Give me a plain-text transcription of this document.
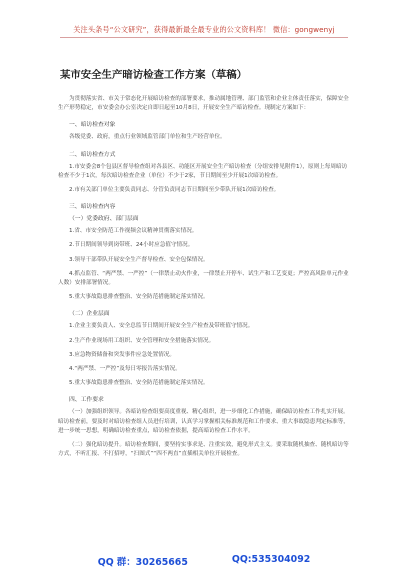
关注头条号“公文研究”，获得最新最全最专业的公文资料库！ 微信：gongwenyj
某市安全生产暗访检查工作方案（草稿）

为贯彻落实省、市关于常态化开展暗访检查的部署要求，推动属地管理、部门监管和企业主体责任落实，保障安全生产形势稳定，市安委会办公室决定自即日起至10月8日，开展安全生产暗访检查。现制定方案如下：

一、暗访检查对象

各级党委、政府，重点行业领域监管部门单位和生产经营单位。

二、暗访检查方式

1.市安委会8个包县区督导检查组对各县区、功能区开展安全生产暗访检查（分组安排见附件1），原则上每周暗访检查不少于1次，每次暗访检查企业（单位）不少于2家，节日期间至少开展1次暗访检查。

2.市有关部门单位主要负责同志、分管负责同志节日期间至少带队开展1次暗访检查。

三、暗访检查内容

（一）党委政府、部门层面

1.省、市安全防范工作视频会议精神贯彻落实情况。

2.节日期间领导到岗带班、24小时应急值守情况。

3.领导干部带队开展安全生产督导检查、安全包保情况。

4.抓点监管、“两严禁、一严控”（一律禁止动火作业，一律禁止开停车、试生产和工艺变更；严控高风险单元作业人数）安排部署情况。

5.重大事故隐患排查整治、安全防范措施制定落实情况。

（二）企业层面

1.企业主要负责人、安全总监节日期间开展安全生产检查及带班值守情况。

2.生产作业现场用工组织、安全管理和安全措施落实情况。

3.应急物资储备和突发事件应急处置情况。

4.“两严禁、一严控”及每日零报告落实情况。

5.重大事故隐患排查整治、安全防范措施制定落实情况。

四、工作要求

（一）加强组织领导。各暗访检查组要高度重视、精心组织，进一步细化工作措施，确保暗访检查工作扎实开展。暗访检查前，要及时对暗访检查组人员进行培训，认真学习掌握相关标准规范和工作要求、重大事故隐患判定标准等，进一步统一思想，明确暗访检查重点，暗访检查依据，提高暗访检查工作水平。

（二）强化暗访提升。暗访检查期间，要坚持实事求是、注重实效，避免形式主义。要采取随机抽查、随机暗访等方式，不听汇报、不打招呼，“扫图式”“四不两直”直插相关单位开展检查。

QQ 群：30265665	QQ:535304092
